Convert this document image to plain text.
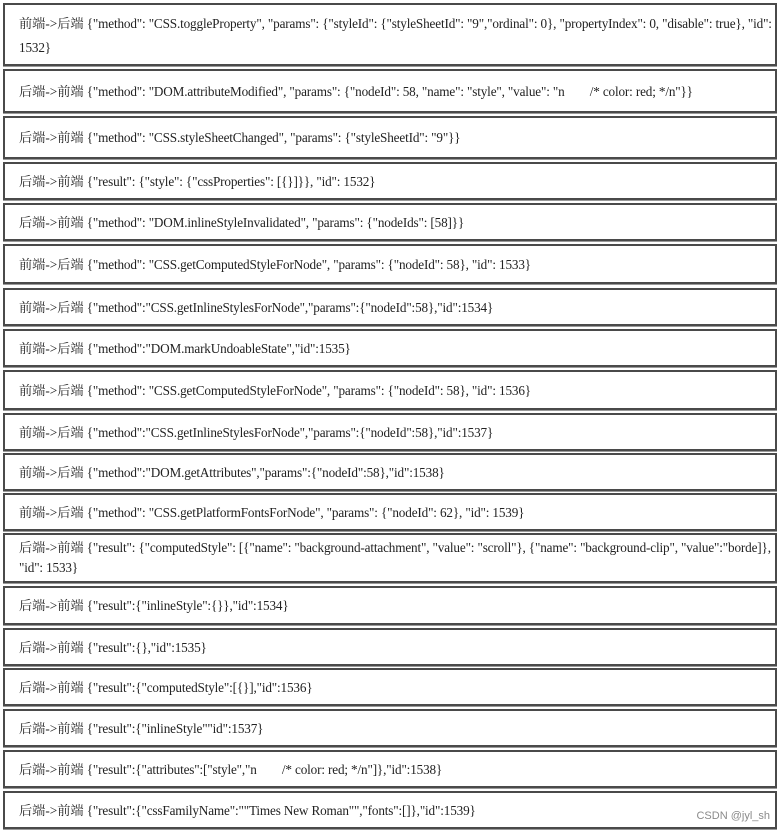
前端->后端 {"method": "CSS.toggleProperty", "params": {"styleId": {"styleSheetId": "9","ordinal": 0}, "propertyIndex": 0, "disable": true}, "id": 1532}
后端->前端 {"method": "DOM.attributeModified", "params": {"nodeId": 58, "name": "style", "value": "n        /* color: red; */n"}}
后端->前端 {"method": "CSS.styleSheetChanged", "params": {"styleSheetId": "9"}}
后端->前端 {"result": {"style": {"cssProperties": [{}]}}, "id": 1532}
后端->前端 {"method": "DOM.inlineStyleInvalidated", "params": {"nodeIds": [58]}}
前端->后端 {"method": "CSS.getComputedStyleForNode", "params": {"nodeId": 58}, "id": 1533}
前端->后端 {"method":"CSS.getInlineStylesForNode","params":{"nodeId":58},"id":1534}
前端->后端 {"method":"DOM.markUndoableState","id":1535}
前端->后端 {"method": "CSS.getComputedStyleForNode", "params": {"nodeId": 58}, "id": 1536}
前端->后端 {"method":"CSS.getInlineStylesForNode","params":{"nodeId":58},"id":1537}
前端->后端 {"method":"DOM.getAttributes","params":{"nodeId":58},"id":1538}
前端->后端 {"method": "CSS.getPlatformFontsForNode", "params": {"nodeId": 62}, "id": 1539}
后端->前端 {"result": {"computedStyle": [{"name": "background-attachment", "value": "scroll"}, {"name": "background-clip", "value":"borde]}, "id": 1533}
后端->前端 {"result":{"inlineStyle":{}},"id":1534}
后端->前端 {"result":{},"id":1535}
后端->前端 {"result":{"computedStyle":[{}],"id":1536}
后端->前端 {"result":{"inlineStyle""id":1537}
后端->前端 {"result":{"attributes":["style","n        /* color: red; */n"]},"id":1538}
后端->前端 {"result":{"cssFamilyName":""Times New Roman"","fonts":[]},"id":1539}	CSDN @jyl_sh
